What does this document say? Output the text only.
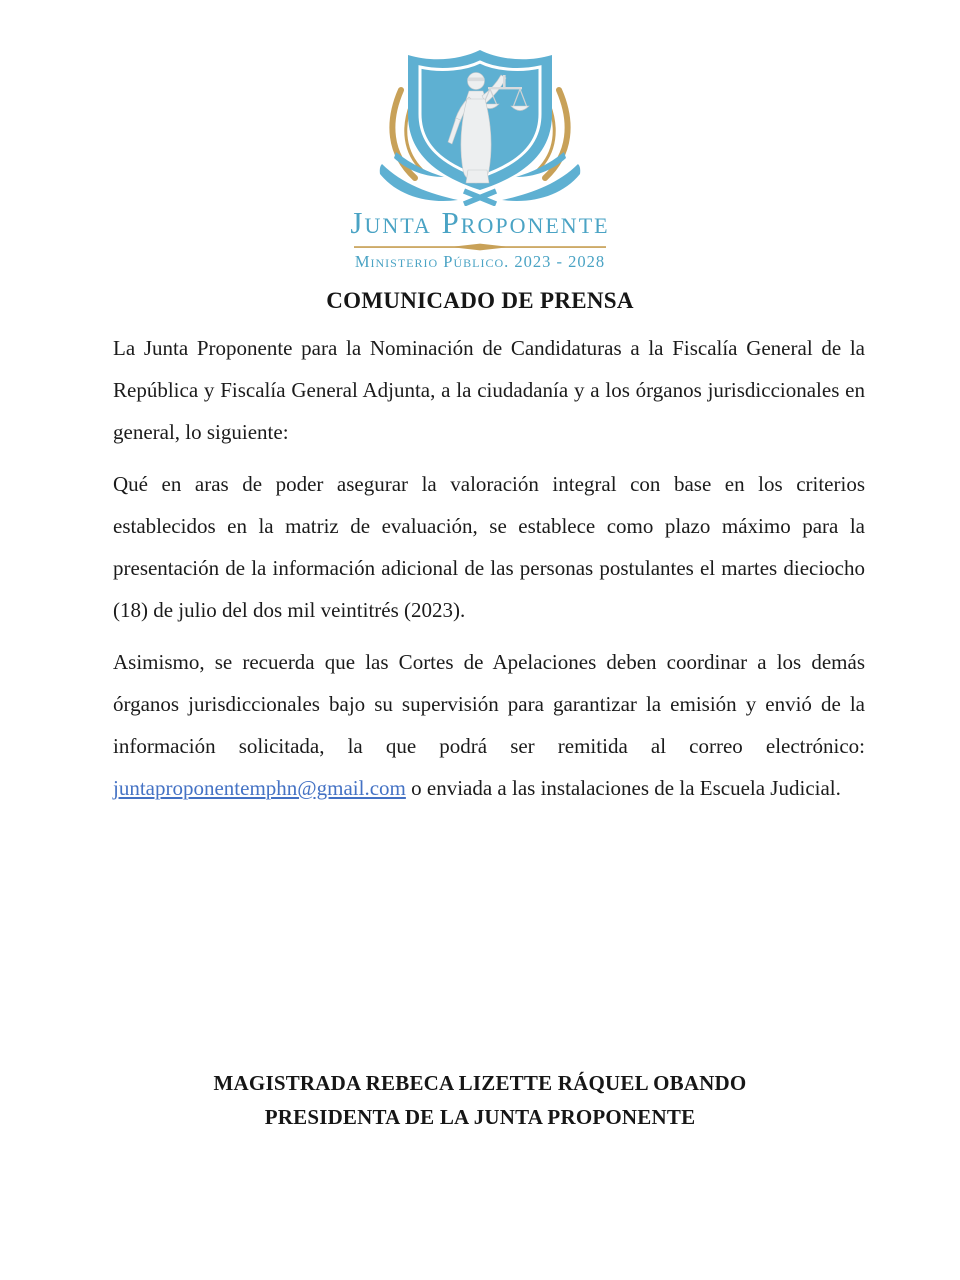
Junta Proponente
Ministerio Público. 2023 - 2028
COMUNICADO DE PRENSA

La Junta Proponente para la Nominación de Candidaturas a la Fiscalía General de la República y Fiscalía General Adjunta, a la ciudadanía y a los órganos jurisdiccionales en general, lo siguiente:

Qué en aras de poder asegurar la valoración integral con base en los criterios establecidos en la matriz de evaluación, se establece como plazo máximo para la presentación de la información adicional de las personas postulantes el martes dieciocho (18) de julio del dos mil veintitrés (2023).

Asimismo, se recuerda que las Cortes de Apelaciones deben coordinar a los demás órganos jurisdiccionales bajo su supervisión para garantizar la emisión y envió de la información solicitada, la que podrá ser remitida al correo electrónico: juntaproponentemphn@gmail.com o enviada a las instalaciones de la Escuela Judicial.

MAGISTRADA REBECA LIZETTE RÁQUEL OBANDO
PRESIDENTA DE LA JUNTA PROPONENTE
